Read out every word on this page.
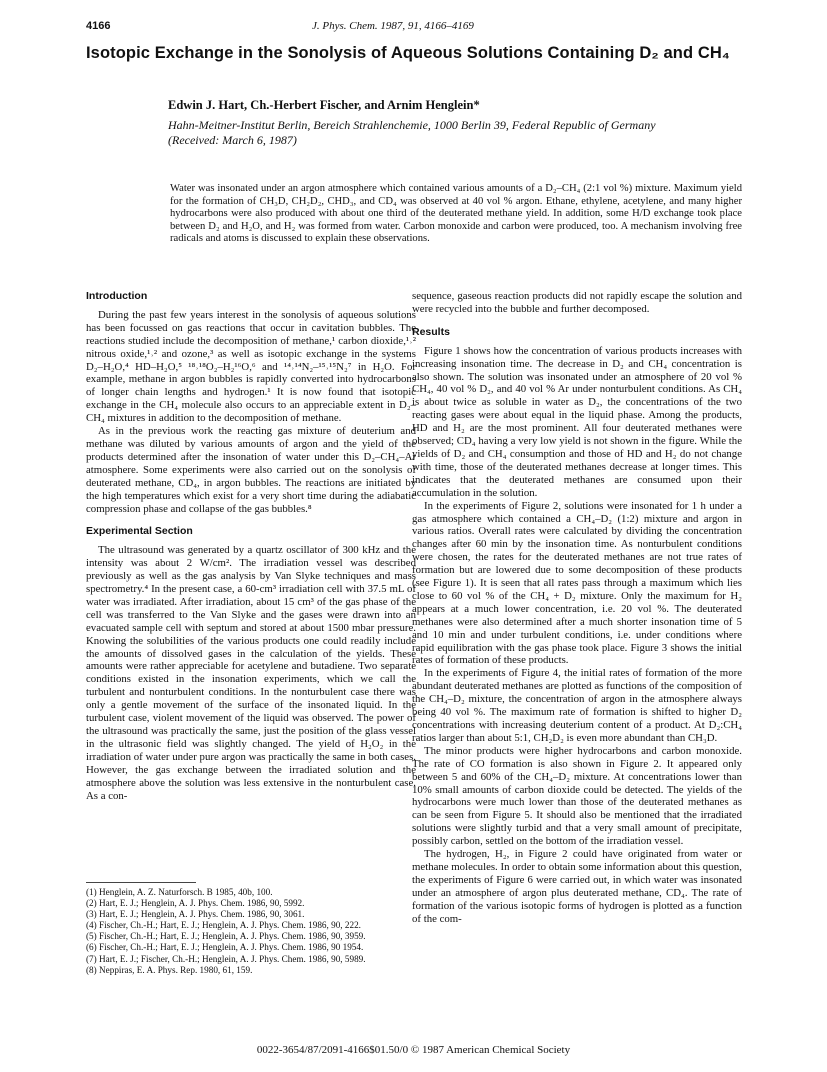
4166	J. Phys. Chem. 1987, 91, 4166–4169
Isotopic Exchange in the Sonolysis of Aqueous Solutions Containing D₂ and CH₄
Edwin J. Hart, Ch.-Herbert Fischer, and Arnim Henglein*
Hahn-Meitner-Institut Berlin, Bereich Strahlenchemie, 1000 Berlin 39, Federal Republic of Germany
(Received: March 6, 1987)

Water was insonated under an argon atmosphere which contained various amounts of a D₂–CH₄ (2:1 vol %) mixture. Maximum yield for the formation of CH₃D, CH₂D₂, CHD₃, and CD₄ was observed at 40 vol % argon. Ethane, ethylene, acetylene, and many higher hydrocarbons were also produced with about one third of the deuterated methane yield. In addition, some H/D exchange took place between D₂ and H₂O, and H₂ was formed from water. Carbon monoxide and carbon were produced, too. A mechanism involving free radicals and atoms is discussed to explain these observations.

Introduction

During the past few years interest in the sonolysis of aqueous solutions has been focussed on gas reactions that occur in cavitation bubbles. The reactions studied include the decomposition of methane,¹ carbon dioxide,¹˒² nitrous oxide,¹˒² and ozone,³ as well as isotopic exchange in the systems D₂–H₂O,⁴ HD–H₂O,⁵ ¹⁸˒¹⁸O₂–H₂¹⁶O,⁶ and ¹⁴˒¹⁴N₂–¹⁵˒¹⁵N₂⁷ in H₂O. For example, methane in argon bubbles is rapidly converted into hydrocarbons of longer chain lengths and hydrogen.¹ It is now found that isotopic exchange in the CH₄ molecule also occurs to an appreciable extent in D₂–CH₄ mixtures in addition to the decomposition of methane.

As in the previous work the reacting gas mixture of deuterium and methane was diluted by various amounts of argon and the yield of the products determined after the insonation of water under this D₂–CH₄–Ar atmosphere. Some experiments were also carried out on the sonolysis of deuterated methane, CD₄, in argon bubbles. The reactions are initiated by the high temperatures which exist for a very short time during the adiabatic compression phase and collapse of the gas bubbles.⁸

Experimental Section

The ultrasound was generated by a quartz oscillator of 300 kHz and the intensity was about 2 W/cm². The irradiation vessel was described previously as well as the gas analysis by Van Slyke techniques and mass spectrometry.⁴ In the present case, a 60-cm³ irradiation cell with 37.5 mL of water was irradiated. After irradiation, about 15 cm³ of the gas phase of the cell was transferred to the Van Slyke and the gases were drawn into an evacuated sample cell with septum and stored at about 1500 mbar pressure. Knowing the solubilities of the various products one could readily include the amounts of dissolved gases in the calculation of the yields. These amounts were rather appreciable for acetylene and butadiene. Two separate conditions existed in the insonation experiments, which we call the turbulent and nonturbulent conditions. In the nonturbulent case there was only a gentle movement of the surface of the insonated liquid. In the turbulent case, violent movement of the liquid was observed. The power of the ultrasound was practically the same, just the position of the glass vessel in the ultrasonic field was slightly changed. The yield of H₂O₂ in the irradiation of water under pure argon was practically the same in both cases. However, the gas exchange between the irradiated solution and the atmosphere above the solution was less extensive in the nonturbulent case. As a con-

sequence, gaseous reaction products did not rapidly escape the solution and were recycled into the bubble and further decomposed.

Results

Figure 1 shows how the concentration of various products increases with increasing insonation time. The decrease in D₂ and CH₄ concentration is also shown. The solution was insonated under an atmosphere of 20 vol % CH₄, 40 vol % D₂, and 40 vol % Ar under nonturbulent conditions. As CH₄ is about twice as soluble in water as D₂, the concentrations of the two reacting gases were about equal in the liquid phase. Among the products, HD and H₂ are the most prominent. All four deuterated methanes were observed; CD₄ having a very low yield is not shown in the figure. While the yields of D₂ and CH₄ consumption and those of HD and H₂ do not change with time, those of the deuterated methanes decrease at longer times. This indicates that the deuterated methanes are consumed upon their accumulation in the solution.

In the experiments of Figure 2, solutions were insonated for 1 h under a gas atmosphere which contained a CH₄–D₂ (1:2) mixture and argon in various ratios. Overall rates were calculated by dividing the concentration changes after 60 min by the insonation time. As nonturbulent conditions were chosen, the rates for the deuterated methanes are not true rates of formation but are lowered due to some decomposition of these products (see Figure 1). It is seen that all rates pass through a maximum which lies close to 60 vol % of the CH₄ + D₂ mixture. Only the maximum for H₂ appears at a much lower concentration, i.e. 20 vol %. The deuterated methanes were also determined after a much shorter insonation time of 5 and 10 min and under turbulent conditions, i.e. under conditions where rapid equilibration with the gas phase took place. Figure 3 shows the initial rates of formation of these products.

In the experiments of Figure 4, the initial rates of formation of the more abundant deuterated methanes are plotted as functions of the composition of the CH₄–D₂ mixture, the concentration of argon in the atmosphere always being 40 vol %. The maximum rate of formation is shifted to higher D₂ concentrations with increasing deuterium content of a product. At D₂:CH₄ ratios larger than about 5:1, CH₂D₂ is even more abundant than CH₃D.

The minor products were higher hydrocarbons and carbon monoxide. The rate of CO formation is also shown in Figure 2. It appeared only between 5 and 60% of the CH₄–D₂ mixture. At concentrations lower than 10% small amounts of carbon dioxide could be detected. The yields of the hydrocarbons were much lower than those of the deuterated methanes as can be seen from Figure 5. It should also be mentioned that the irradiated solutions were slightly turbid and that a very small amount of precipitate, possibly carbon, settled on the bottom of the irradiation vessel.

The hydrogen, H₂, in Figure 2 could have originated from water or methane molecules. In order to obtain some information about this question, the experiments of Figure 6 were carried out, in which water was insonated under an atmosphere of argon plus deuterated methane, CD₄. The rate of formation of the various isotopic forms of hydrogen is plotted as a function of the com-

(1) Henglein, A. Z. Naturforsch. B 1985, 40b, 100.
(2) Hart, E. J.; Henglein, A. J. Phys. Chem. 1986, 90, 5992.
(3) Hart, E. J.; Henglein, A. J. Phys. Chem. 1986, 90, 3061.
(4) Fischer, Ch.-H.; Hart, E. J.; Henglein, A. J. Phys. Chem. 1986, 90, 222.
(5) Fischer, Ch.-H.; Hart, E. J.; Henglein, A. J. Phys. Chem. 1986, 90, 3959.
(6) Fischer, Ch.-H.; Hart, E. J.; Henglein, A. J. Phys. Chem. 1986, 90 1954.
(7) Hart, E. J.; Fischer, Ch.-H.; Henglein, A. J. Phys. Chem. 1986, 90, 5989.
(8) Neppiras, E. A. Phys. Rep. 1980, 61, 159.
0022-3654/87/2091-4166$01.50/0 © 1987 American Chemical Society
